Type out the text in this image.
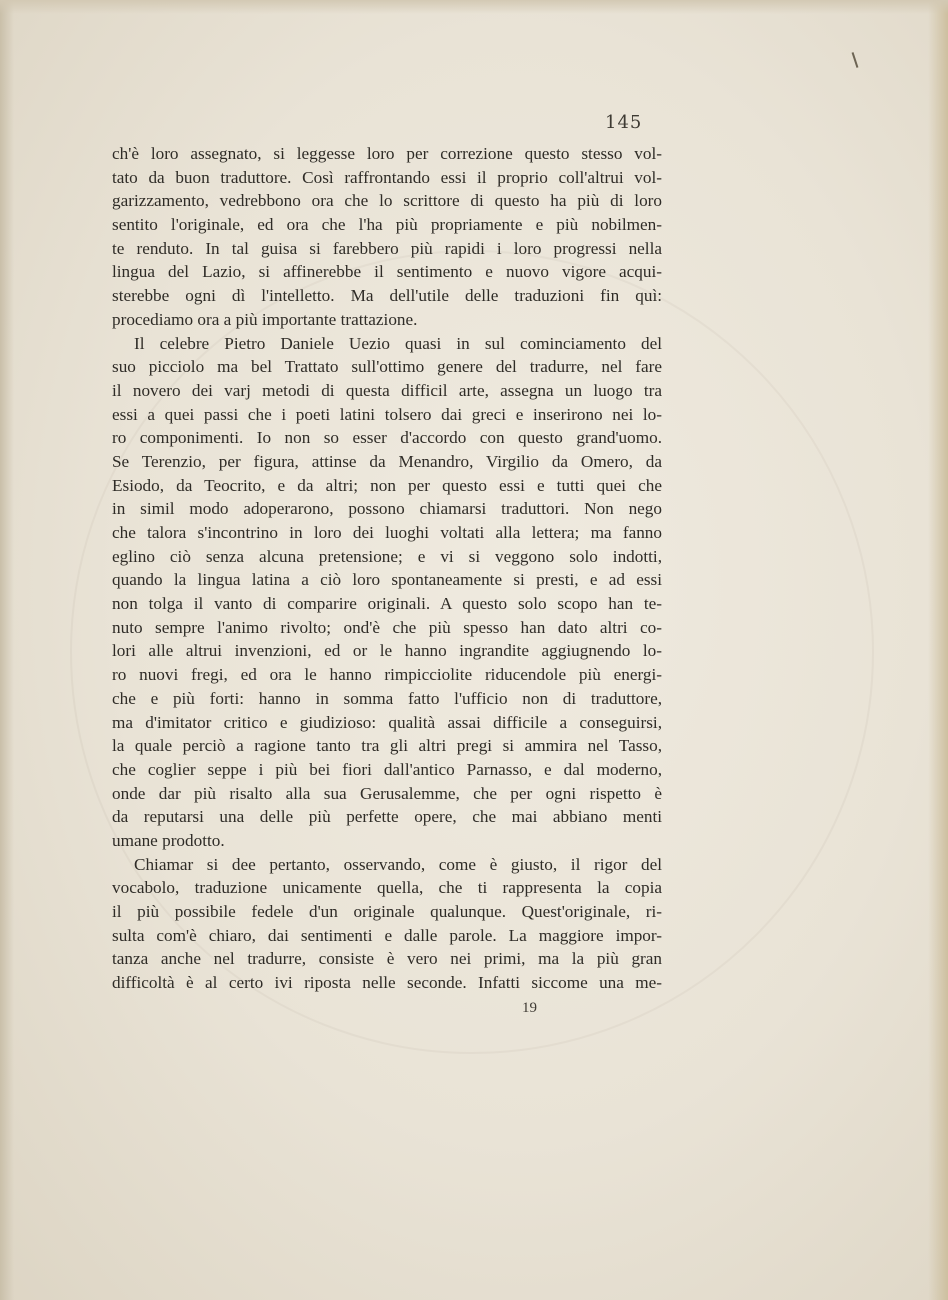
145
ch'è loro assegnato, si leggesse loro per correzione questo stesso vol-
tato da buon traduttore. Così raffrontando essi il proprio coll'altrui vol-
garizzamento, vedrebbono ora che lo scrittore di questo ha più di loro
sentito l'originale, ed ora che l'ha più propriamente e più nobilmen-
te renduto. In tal guisa si farebbero più rapidi i loro progressi nella
lingua del Lazio, si affinerebbe il sentimento e nuovo vigore acqui-
sterebbe ogni dì l'intelletto. Ma dell'utile delle traduzioni fin quì:
procediamo ora a più importante trattazione.
Il celebre Pietro Daniele Uezio quasi in sul cominciamento del
suo picciolo ma bel Trattato sull'ottimo genere del tradurre, nel fare
il novero dei varj metodi di questa difficil arte, assegna un luogo tra
essi a quei passi che i poeti latini tolsero dai greci e inserirono nei lo-
ro componimenti. Io non so esser d'accordo con questo grand'uomo.
Se Terenzio, per figura, attinse da Menandro, Virgilio da Omero, da
Esiodo, da Teocrito, e da altri; non per questo essi e tutti quei che
in simil modo adoperarono, possono chiamarsi traduttori. Non nego
che talora s'incontrino in loro dei luoghi voltati alla lettera; ma fanno
eglino ciò senza alcuna pretensione; e vi si veggono solo indotti,
quando la lingua latina a ciò loro spontaneamente si presti, e ad essi
non tolga il vanto di comparire originali. A questo solo scopo han te-
nuto sempre l'animo rivolto; ond'è che più spesso han dato altri co-
lori alle altrui invenzioni, ed or le hanno ingrandite aggiugnendo lo-
ro nuovi fregi, ed ora le hanno rimpicciolite riducendole più energi-
che e più forti: hanno in somma fatto l'ufficio non di traduttore,
ma d'imitator critico e giudizioso: qualità assai difficile a conseguirsi,
la quale perciò a ragione tanto tra gli altri pregi si ammira nel Tasso,
che coglier seppe i più bei fiori dall'antico Parnasso, e dal moderno,
onde dar più risalto alla sua Gerusalemme, che per ogni rispetto è
da reputarsi una delle più perfette opere, che mai abbiano menti
umane prodotto.
Chiamar si dee pertanto, osservando, come è giusto, il rigor del
vocabolo, traduzione unicamente quella, che ti rappresenta la copia
il più possibile fedele d'un originale qualunque. Quest'originale, ri-
sulta com'è chiaro, dai sentimenti e dalle parole. La maggiore impor-
tanza anche nel tradurre, consiste è vero nei primi, ma la più gran
difficoltà è al certo ivi riposta nelle seconde. Infatti siccome una me-
19
